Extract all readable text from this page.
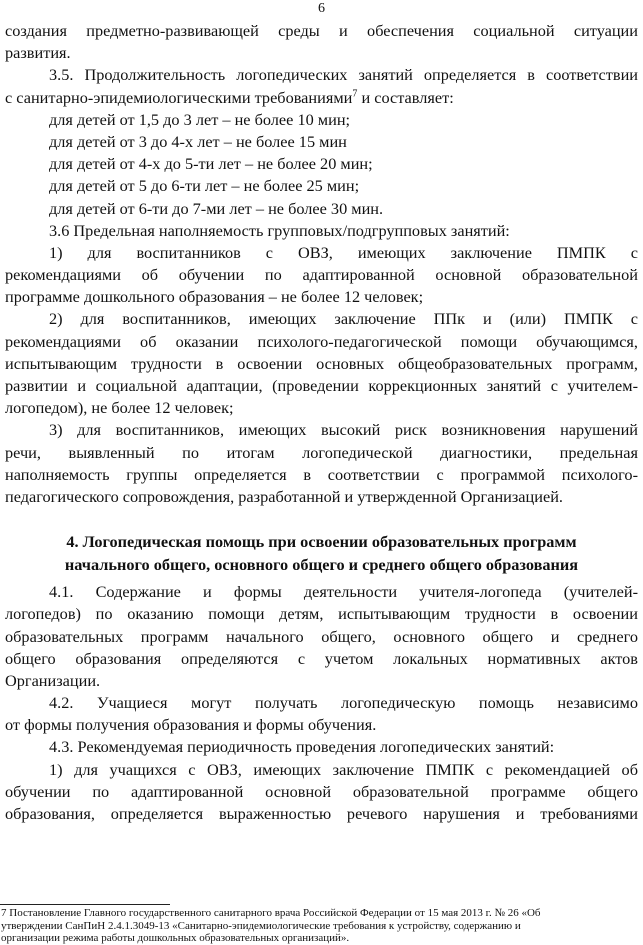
6
создания предметно-развивающей среды и обеспечения социальной ситуации
развития.
3.5. Продолжительность логопедических занятий определяется в соответствии
с санитарно-эпидемиологическими требованиями$^7$ и составляет:
для детей от 1,5 до 3 лет – не более 10 мин;
для детей от 3 до 4-х лет – не более 15 мин
для детей от 4-х до 5-ти лет – не более 20 мин;
для детей от 5 до 6-ти лет – не более 25 мин;
для детей от 6-ти до 7-ми лет – не более 30 мин.
3.6 Предельная наполняемость групповых/подгрупповых занятий:
1) для воспитанников с ОВЗ, имеющих заключение ПМПК с
рекомендациями об обучении по адаптированной основной образовательной
программе дошкольного образования – не более 12 человек;
2) для воспитанников, имеющих заключение ППк и (или) ПМПК с
рекомендациями об оказании психолого-педагогической помощи обучающимся,
испытывающим трудности в освоении основных общеобразовательных программ,
развитии и социальной адаптации, (проведении коррекционных занятий с учителем-
логопедом), не более 12 человек;
3) для воспитанников, имеющих высокий риск возникновения нарушений
речи, выявленный по итогам логопедической диагностики, предельная
наполняемость группы определяется в соответствии с программой психолого-
педагогического сопровождения, разработанной и утвержденной Организацией.
4. Логопедическая помощь при освоении образовательных программ
начального общего, основного общего и среднего общего образования
4.1. Содержание и формы деятельности учителя-логопеда (учителей-
логопедов) по оказанию помощи детям, испытывающим трудности в освоении
образовательных программ начального общего, основного общего и среднего
общего образования определяются с учетом локальных нормативных актов
Организации.
4.2. Учащиеся могут получать логопедическую помощь независимо
от формы получения образования и формы обучения.
4.3. Рекомендуемая периодичность проведения логопедических занятий:
1) для учащихся с ОВЗ, имеющих заключение ПМПК с рекомендацией об
обучении по адаптированной основной образовательной программе общего
образования, определяется выраженностью речевого нарушения и требованиями
7 Постановление Главного государственного санитарного врача Российской Федерации от 15 мая 2013 г. № 26 «Об
утверждении СанПиН 2.4.1.3049-13 «Санитарно-эпидемиологические требования к устройству, содержанию и
организации режима работы дошкольных образовательных организаций».
